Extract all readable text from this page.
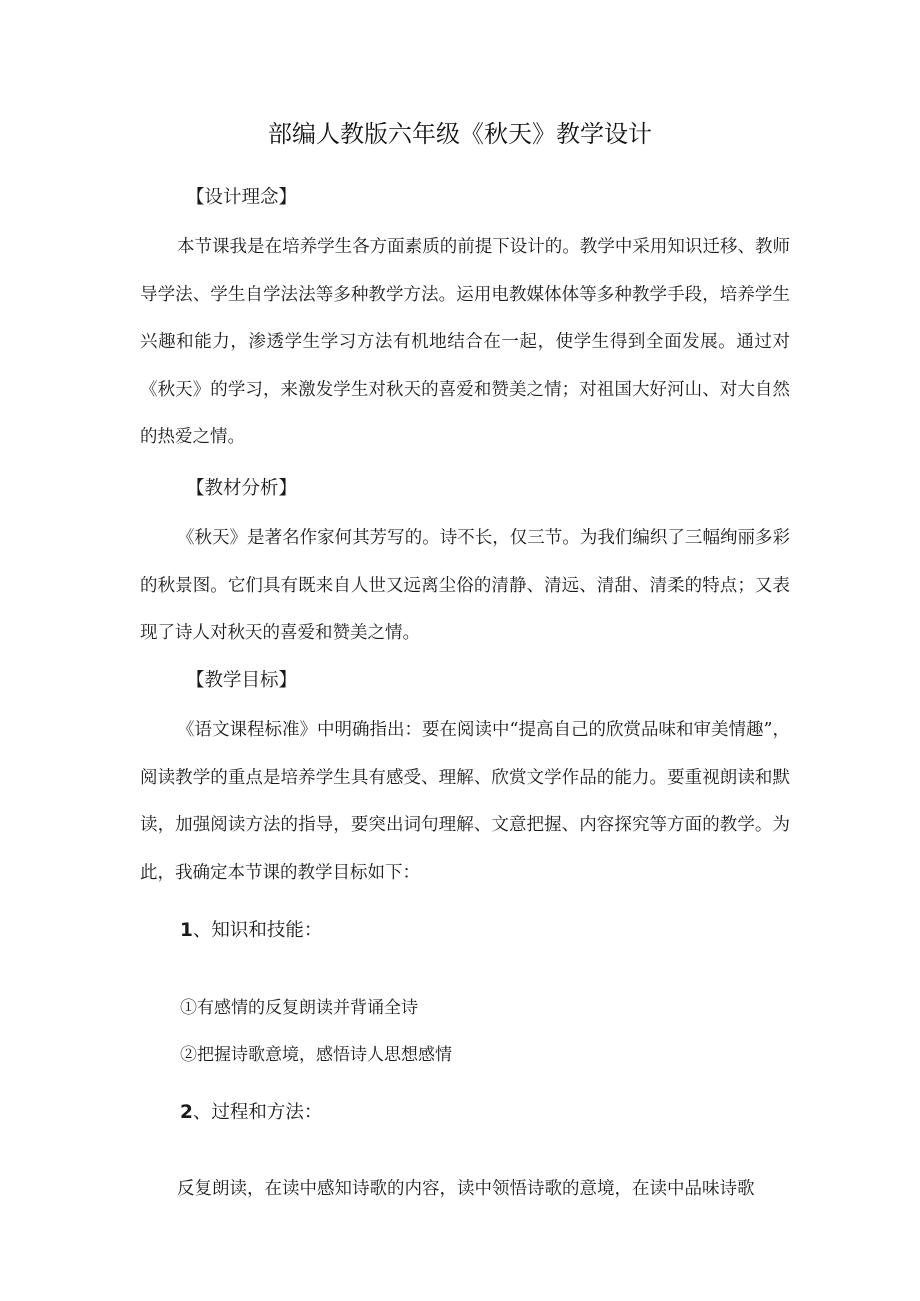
部编人教版六年级《秋天》教学设计
【设计理念】

本节课我是在培养学生各方面素质的前提下设计的。教学中采用知识迁移、教师导学法、学生自学法法等多种教学方法。运用电教媒体体等多种教学手段，培养学生兴趣和能力，渗透学生学习方法有机地结合在一起，使学生得到全面发展。通过对《秋天》的学习，来激发学生对秋天的喜爱和赞美之情；对祖国大好河山、对大自然的热爱之情。

【教材分析】

《秋天》是著名作家何其芳写的。诗不长，仅三节。为我们编织了三幅绚丽多彩的秋景图。它们具有既来自人世又远离尘俗的清静、清远、清甜、清柔的特点；又表现了诗人对秋天的喜爱和赞美之情。

【教学目标】

《语文课程标准》中明确指出：要在阅读中“提高自己的欣赏品味和审美情趣”，阅读教学的重点是培养学生具有感受、理解、欣赏文学作品的能力。要重视朗读和默读，加强阅读方法的指导，要突出词句理解、文意把握、内容探究等方面的教学。为此，我确定本节课的教学目标如下：

1、知识和技能：
①有感情的反复朗读并背诵全诗
②把握诗歌意境，感悟诗人思想感情
2、过程和方法：

反复朗读，在读中感知诗歌的内容，读中领悟诗歌的意境，在读中品味诗歌
